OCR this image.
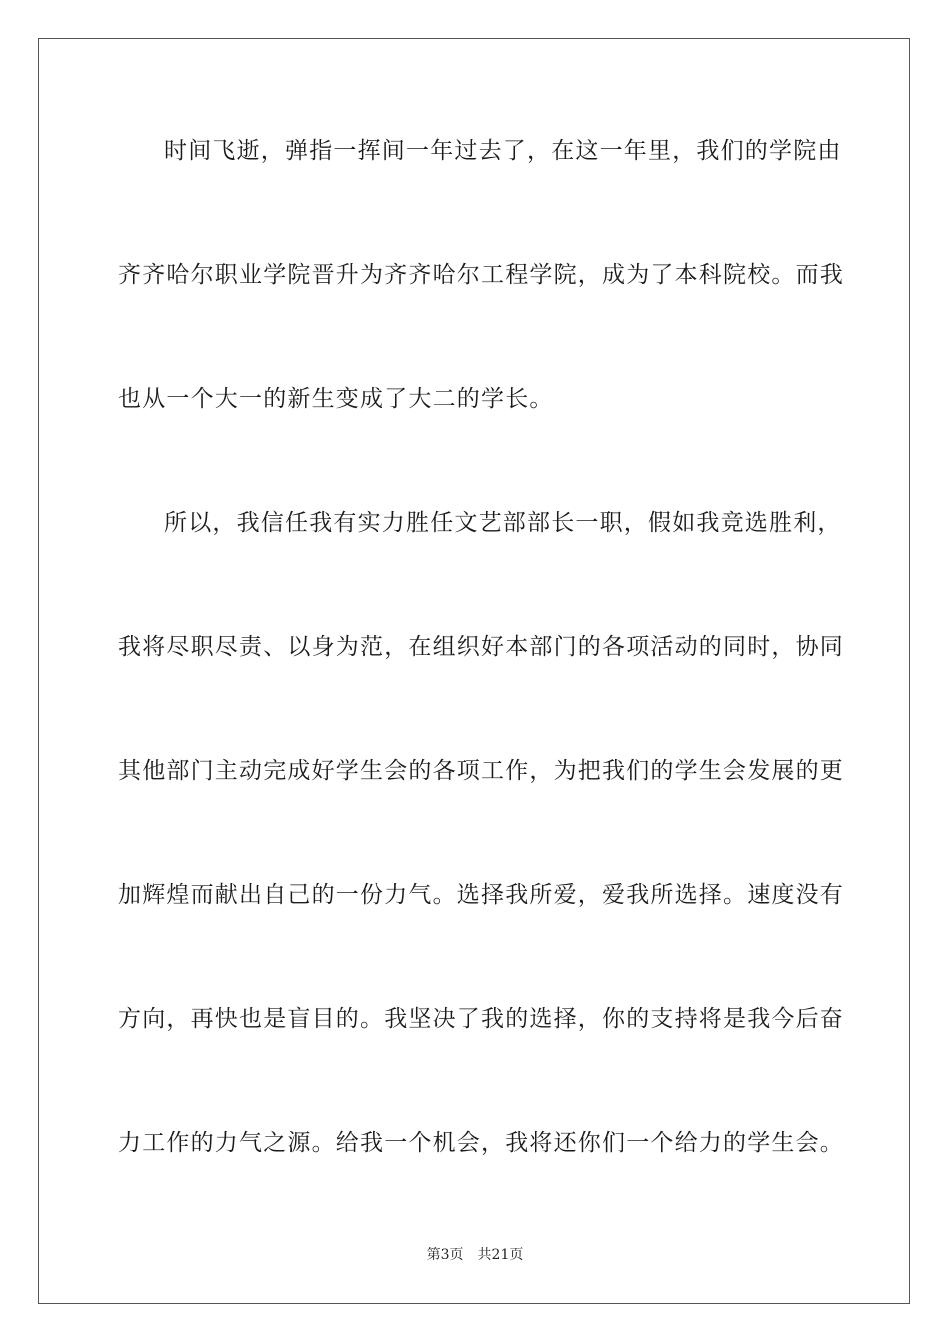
时间飞逝，弹指一挥间一年过去了，在这一年里，我们的学院由
齐齐哈尔职业学院晋升为齐齐哈尔工程学院，成为了本科院校。而我
也从一个大一的新生变成了大二的学长。
所以，我信任我有实力胜任文艺部部长一职，假如我竞选胜利，
我将尽职尽责、以身为范，在组织好本部门的各项活动的同时，协同
其他部门主动完成好学生会的各项工作，为把我们的学生会发展的更
加辉煌而献出自己的一份力气。选择我所爱，爱我所选择。速度没有
方向，再快也是盲目的。我坚决了我的选择，你的支持将是我今后奋
力工作的力气之源。给我一个机会，我将还你们一个给力的学生会。
第3页 共21页
